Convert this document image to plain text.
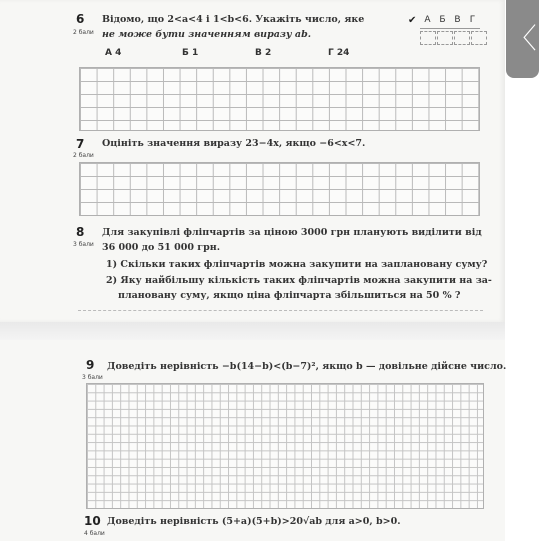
〈
6
2 бали
Відомо, що 2<a<4 і 1<b<6. Укажіть число, яке
не може бути значенням виразу ab.
А 4	Б 1	В 2	Г 24
✔ А Б В	Г
7
2 бали
Оцініть значення виразу 23−4x, якщо −6<x<7.
8
3 бали
Для закупівлі фліпчартів за ціною 3000 грн планують виділити від
36 000 до 51 000 грн.
1) Скільки таких фліпчартів можна закупити на заплановану суму?
2) Яку найбільшу кількість таких фліпчартів можна закупити на за-
плановану суму, якщо ціна фліпчарта збільшиться на 50 % ?
9
3 бали
Доведіть нерівність −b(14−b)<(b−7)², якщо b — довільне дійсне число.
10
4 бали
Доведіть нерівність (5+a)(5+b)>20√ab для a>0, b>0.
